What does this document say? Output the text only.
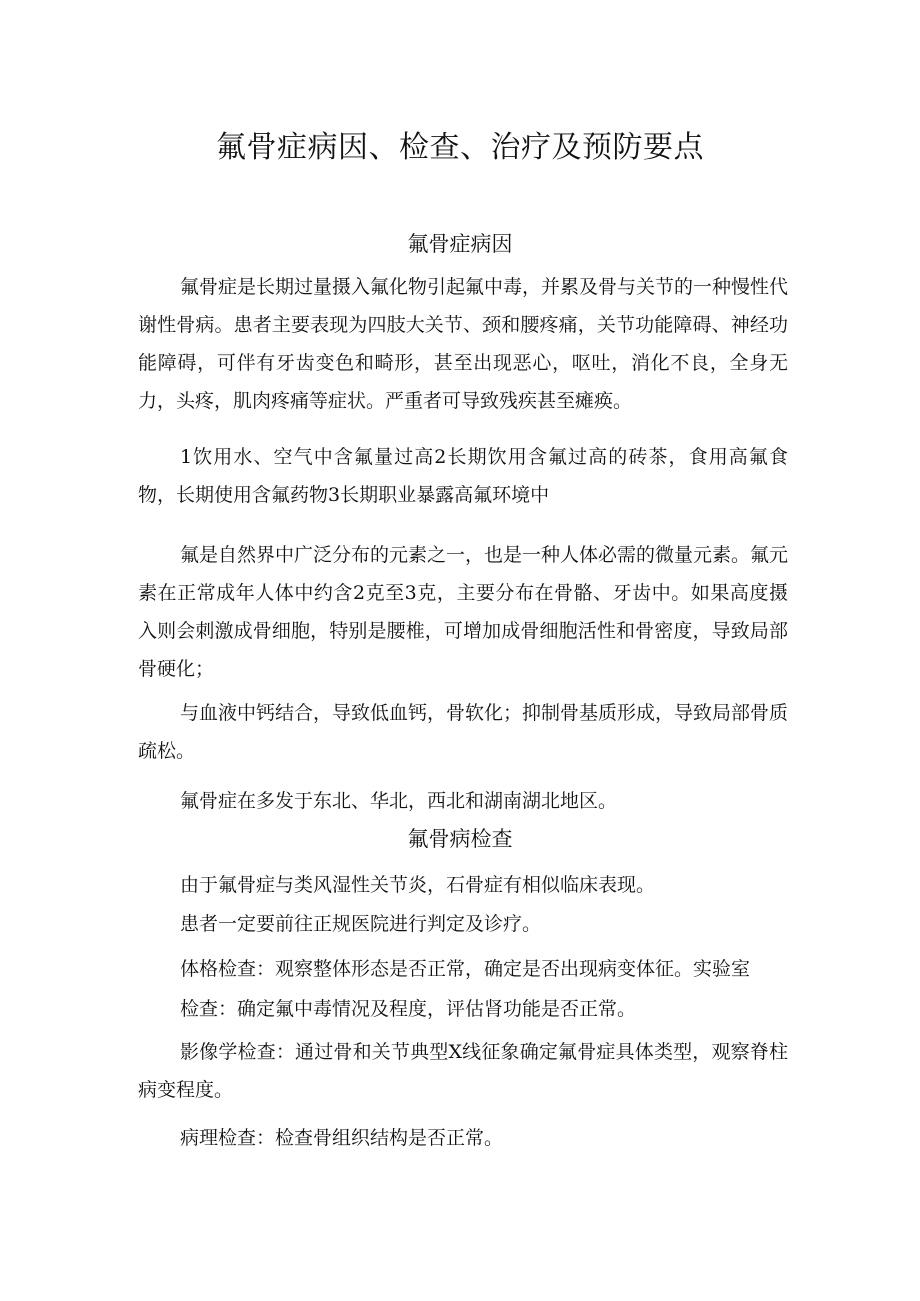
氟骨症病因、检查、治疗及预防要点
氟骨症病因

氟骨症是长期过量摄入氟化物引起氟中毒，并累及骨与关节的一种慢性代谢性骨病。患者主要表现为四肢大关节、颈和腰疼痛，关节功能障碍、神经功能障碍，可伴有牙齿变色和畸形，甚至出现恶心，呕吐，消化不良，全身无力，头疼，肌肉疼痛等症状。严重者可导致残疾甚至瘫痪。

1饮用水、空气中含氟量过高2长期饮用含氟过高的砖茶，食用高氟食物，长期使用含氟药物3长期职业暴露高氟环境中

氟是自然界中广泛分布的元素之一，也是一种人体必需的微量元素。氟元素在正常成年人体中约含2克至3克，主要分布在骨骼、牙齿中。如果高度摄入则会刺激成骨细胞，特别是腰椎，可增加成骨细胞活性和骨密度，导致局部骨硬化；

与血液中钙结合，导致低血钙，骨软化；抑制骨基质形成，导致局部骨质疏松。

氟骨症在多发于东北、华北，西北和湖南湖北地区。

氟骨病检查

由于氟骨症与类风湿性关节炎，石骨症有相似临床表现。

患者一定要前往正规医院进行判定及诊疗。

体格检查：观察整体形态是否正常，确定是否出现病变体征。实验室

检查：确定氟中毒情况及程度，评估肾功能是否正常。

影像学检查：通过骨和关节典型X线征象确定氟骨症具体类型，观察脊柱病变程度。

病理检查：检查骨组织结构是否正常。
